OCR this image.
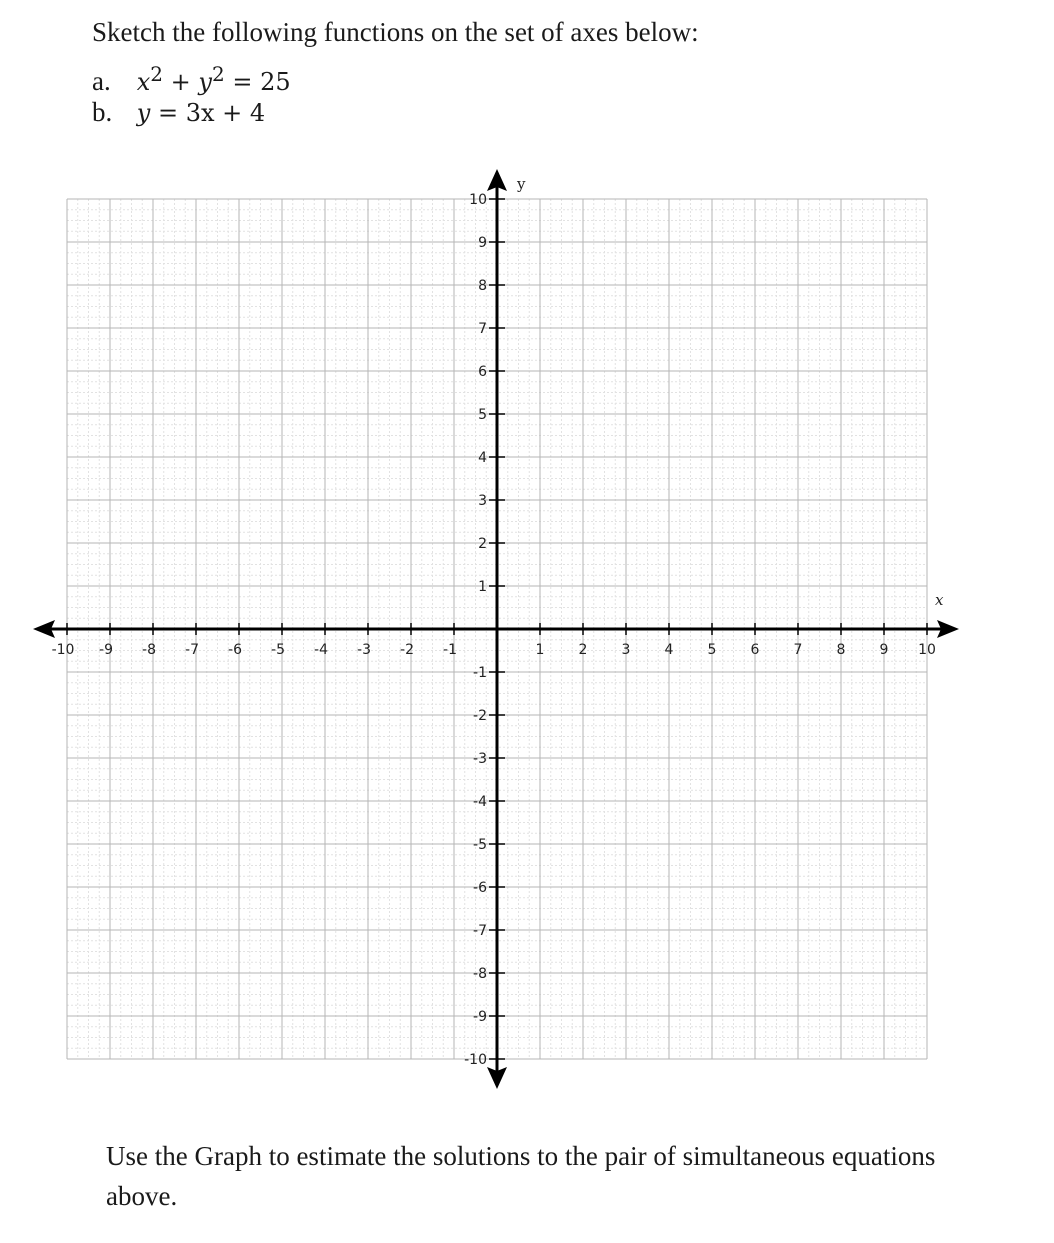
Sketch the following functions on the set of axes below:
a. $x^2 + y^2 = 25$
b. y = 3x + 4
-10 -9 -8 -7 -6 -5 -4 -3 -2 -1	1 2 3 4 5 6 7 8 9 10
10
9
8
7
6
5
4
3
2
1
-1
-2
-3
-4
-5
-6
-7
-8
-9
-10
y
x
Use the Graph to estimate the solutions to the pair of simultaneous equations above.
